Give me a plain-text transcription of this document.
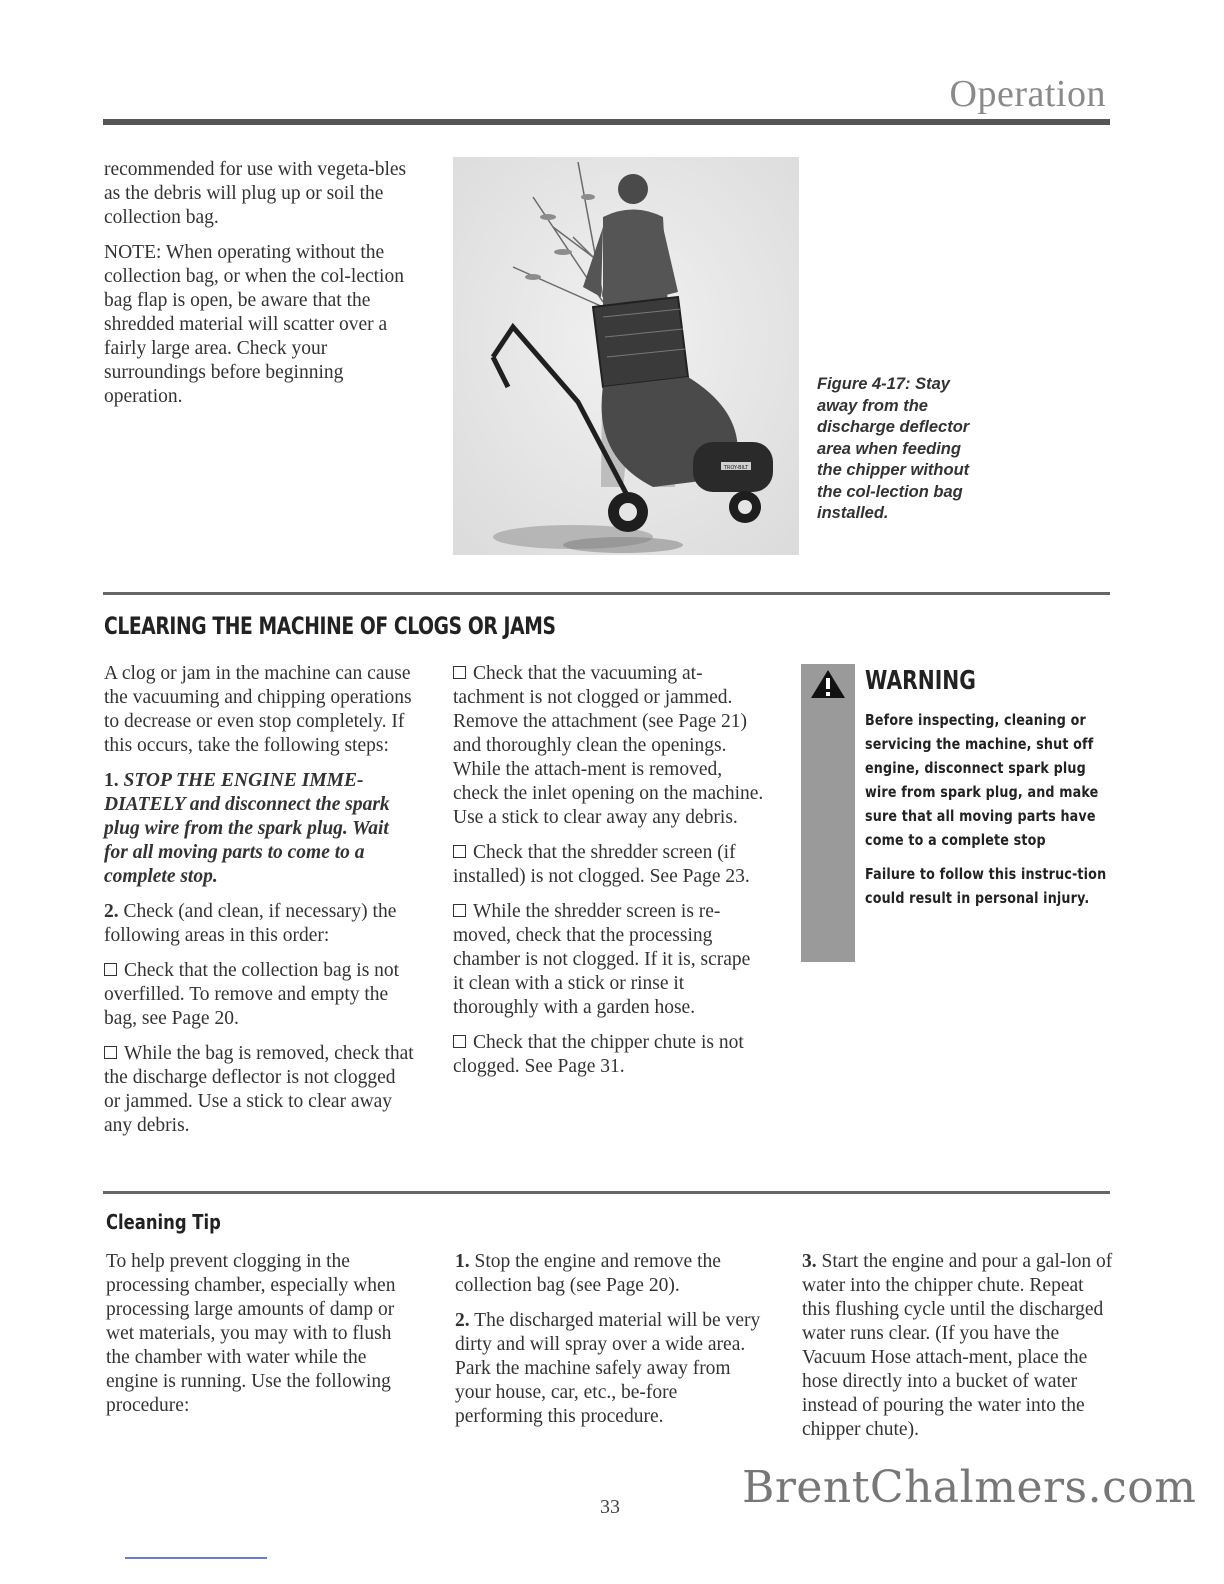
Operation

recommended for use with vegeta-bles as the debris will plug up or soil the collection bag.

NOTE: When operating without the collection bag, or when the col-lection bag flap is open, be aware that the shredded material will scatter over a fairly large area. Check your surroundings before beginning operation.

TROY-BILT
Figure 4-17: Stay away from the discharge deflector area when feeding the chipper without the col-lection bag installed.
CLEARING THE MACHINE OF CLOGS OR JAMS

A clog or jam in the machine can cause the vacuuming and chipping operations to decrease or even stop completely. If this occurs, take the following steps:

1. STOP THE ENGINE IMME-DIATELY and disconnect the spark plug wire from the spark plug. Wait for all moving parts to come to a complete stop.

2. Check (and clean, if necessary) the following areas in this order:

Check that the collection bag is not overfilled. To remove and empty the bag, see Page 20.

While the bag is removed, check that the discharge deflector is not clogged or jammed. Use a stick to clear away any debris.

Check that the vacuuming at-tachment is not clogged or jammed. Remove the attachment (see Page 21) and thoroughly clean the openings. While the attach-ment is removed, check the inlet opening on the machine. Use a stick to clear away any debris.

Check that the shredder screen (if installed) is not clogged. See Page 23.

While the shredder screen is re-moved, check that the processing chamber is not clogged. If it is, scrape it clean with a stick or rinse it thoroughly with a garden hose.

Check that the chipper chute is not clogged. See Page 31.

WARNING

Before inspecting, cleaning or servicing the machine, shut off engine, disconnect spark plug wire from spark plug, and make sure that all moving parts have come to a complete stop

Failure to follow this instruc-tion could result in personal injury.

Cleaning Tip

To help prevent clogging in the processing chamber, especially when processing large amounts of damp or wet materials, you may with to flush the chamber with water while the engine is running. Use the following procedure:

1. Stop the engine and remove the collection bag (see Page 20).

2. The discharged material will be very dirty and will spray over a wide area. Park the machine safely away from your house, car, etc., be-fore performing this procedure.

3. Start the engine and pour a gal-lon of water into the chipper chute. Repeat this flushing cycle until the discharged water runs clear. (If you have the Vacuum Hose attach-ment, place the hose directly into a bucket of water instead of pouring the water into the chipper chute).

BrentChalmers.com
33
